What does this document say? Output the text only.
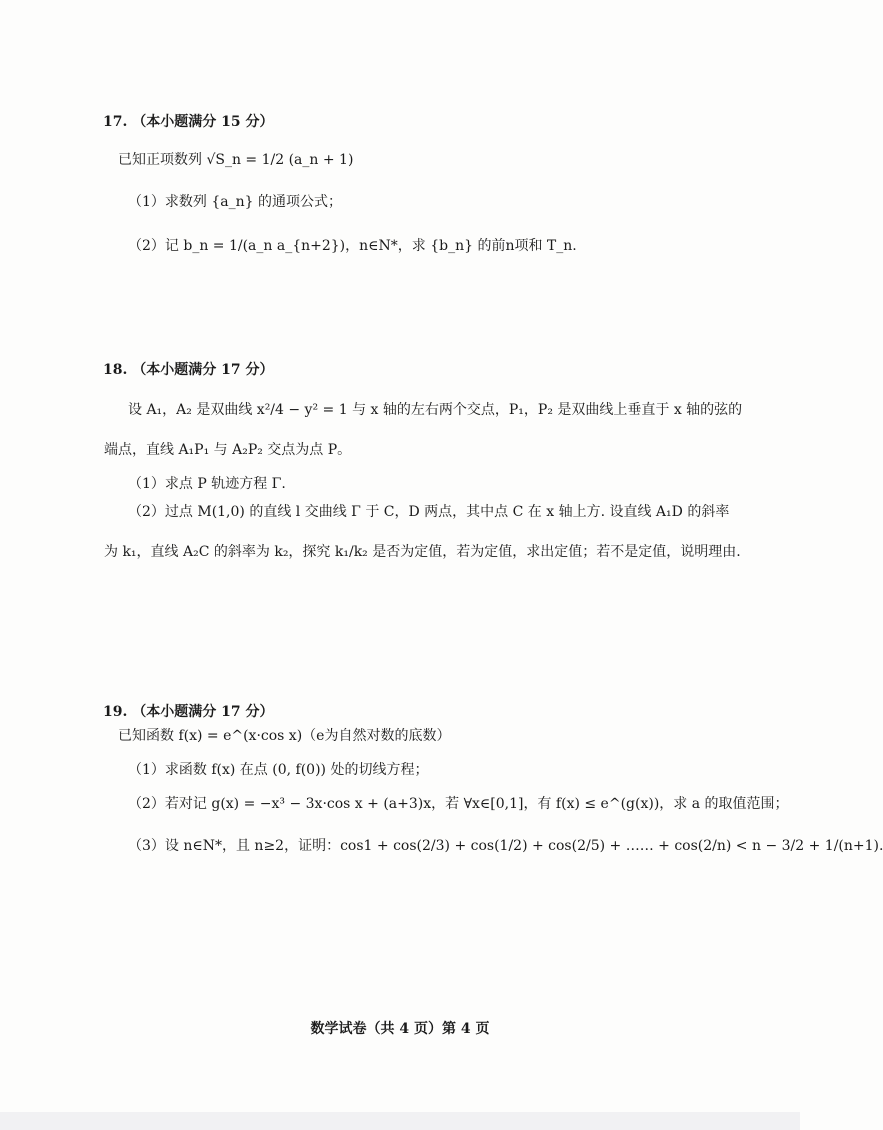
17. （本小题满分 15 分）
已知正项数列 √S_n = 1/2 (a_n + 1)
（1）求数列 {a_n} 的通项公式；
（2）记 b_n = 1/(a_n a_{n+2})，n∈N*，求 {b_n} 的前n项和 T_n.
18. （本小题满分 17 分）
设 A₁，A₂ 是双曲线 x²/4 − y² = 1 与 x 轴的左右两个交点，P₁，P₂ 是双曲线上垂直于 x 轴的弦的
端点，直线 A₁P₁ 与 A₂P₂ 交点为点 P。
（1）求点 P 轨迹方程 Γ.
（2）过点 M(1,0) 的直线 l 交曲线 Γ 于 C，D 两点，其中点 C 在 x 轴上方. 设直线 A₁D 的斜率
为 k₁，直线 A₂C 的斜率为 k₂，探究 k₁/k₂ 是否为定值，若为定值，求出定值；若不是定值，说明理由.
19. （本小题满分 17 分）
已知函数 f(x) = e^(x·cos x)（e为自然对数的底数）
（1）求函数 f(x) 在点 (0, f(0)) 处的切线方程；
（2）若对记 g(x) = −x³ − 3x·cos x + (a+3)x，若 ∀x∈[0,1]，有 f(x) ≤ e^(g(x))，求 a 的取值范围；
（3）设 n∈N*，且 n≥2，证明：cos1 + cos(2/3) + cos(1/2) + cos(2/5) + …… + cos(2/n) < n − 3/2 + 1/(n+1).
数学试卷（共 4 页）第 4 页
